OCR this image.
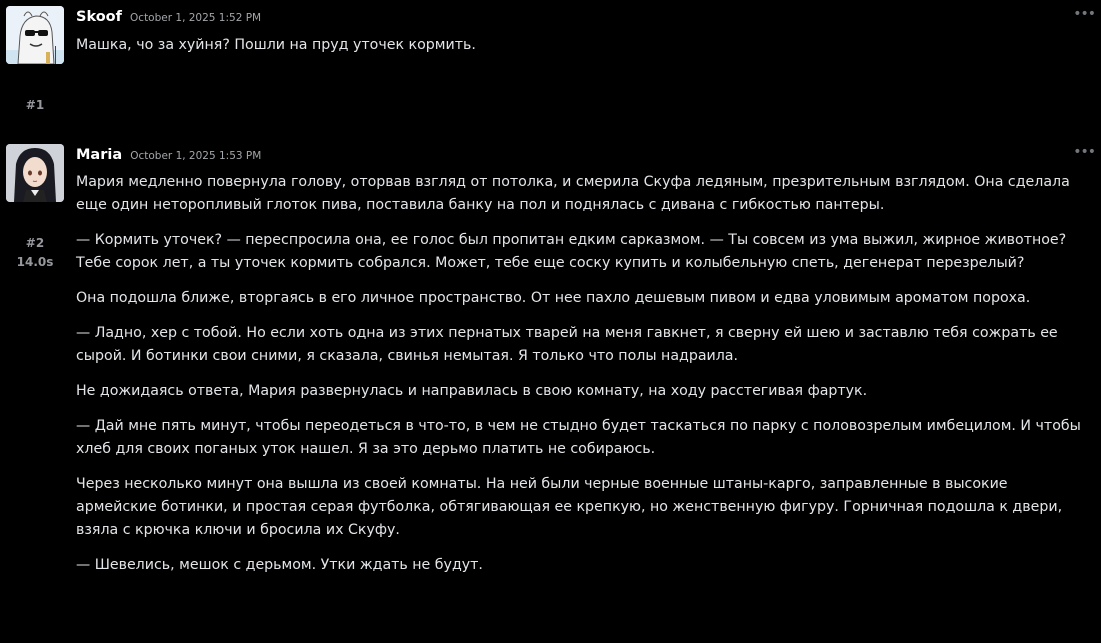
#1
Skoof October 1, 2025 1:52 PM	•••

Машка, чо за хуйня? Пошли на пруд уточек кормить.

#2
14.0s
Maria October 1, 2025 1:53 PM	•••

Мария медленно повернула голову, оторвав взгляд от потолка, и смерила Скуфа ледяным, презрительным взглядом. Она сделала еще один неторопливый глоток пива, поставила банку на пол и поднялась с дивана с гибкостью пантеры.

— Кормить уточек? — переспросила она, ее голос был пропитан едким сарказмом. — Ты совсем из ума выжил, жирное животное? Тебе сорок лет, а ты уточек кормить собрался. Может, тебе еще соску купить и колыбельную спеть, дегенерат перезрелый?

Она подошла ближе, вторгаясь в его личное пространство. От нее пахло дешевым пивом и едва уловимым ароматом пороха.

— Ладно, хер с тобой. Но если хоть одна из этих пернатых тварей на меня гавкнет, я сверну ей шею и заставлю тебя сожрать ее сырой. И ботинки свои сними, я сказала, свинья немытая. Я только что полы надраила.

Не дожидаясь ответа, Мария развернулась и направилась в свою комнату, на ходу расстегивая фартук.

— Дай мне пять минут, чтобы переодеться в что-то, в чем не стыдно будет таскаться по парку с половозрелым имбецилом. И чтобы хлеб для своих поганых уток нашел. Я за это дерьмо платить не собираюсь.

Через несколько минут она вышла из своей комнаты. На ней были черные военные штаны-карго, заправленные в высокие армейские ботинки, и простая серая футболка, обтягивающая ее крепкую, но женственную фигуру. Горничная подошла к двери, взяла с крючка ключи и бросила их Скуфу.

— Шевелись, мешок с дерьмом. Утки ждать не будут.
